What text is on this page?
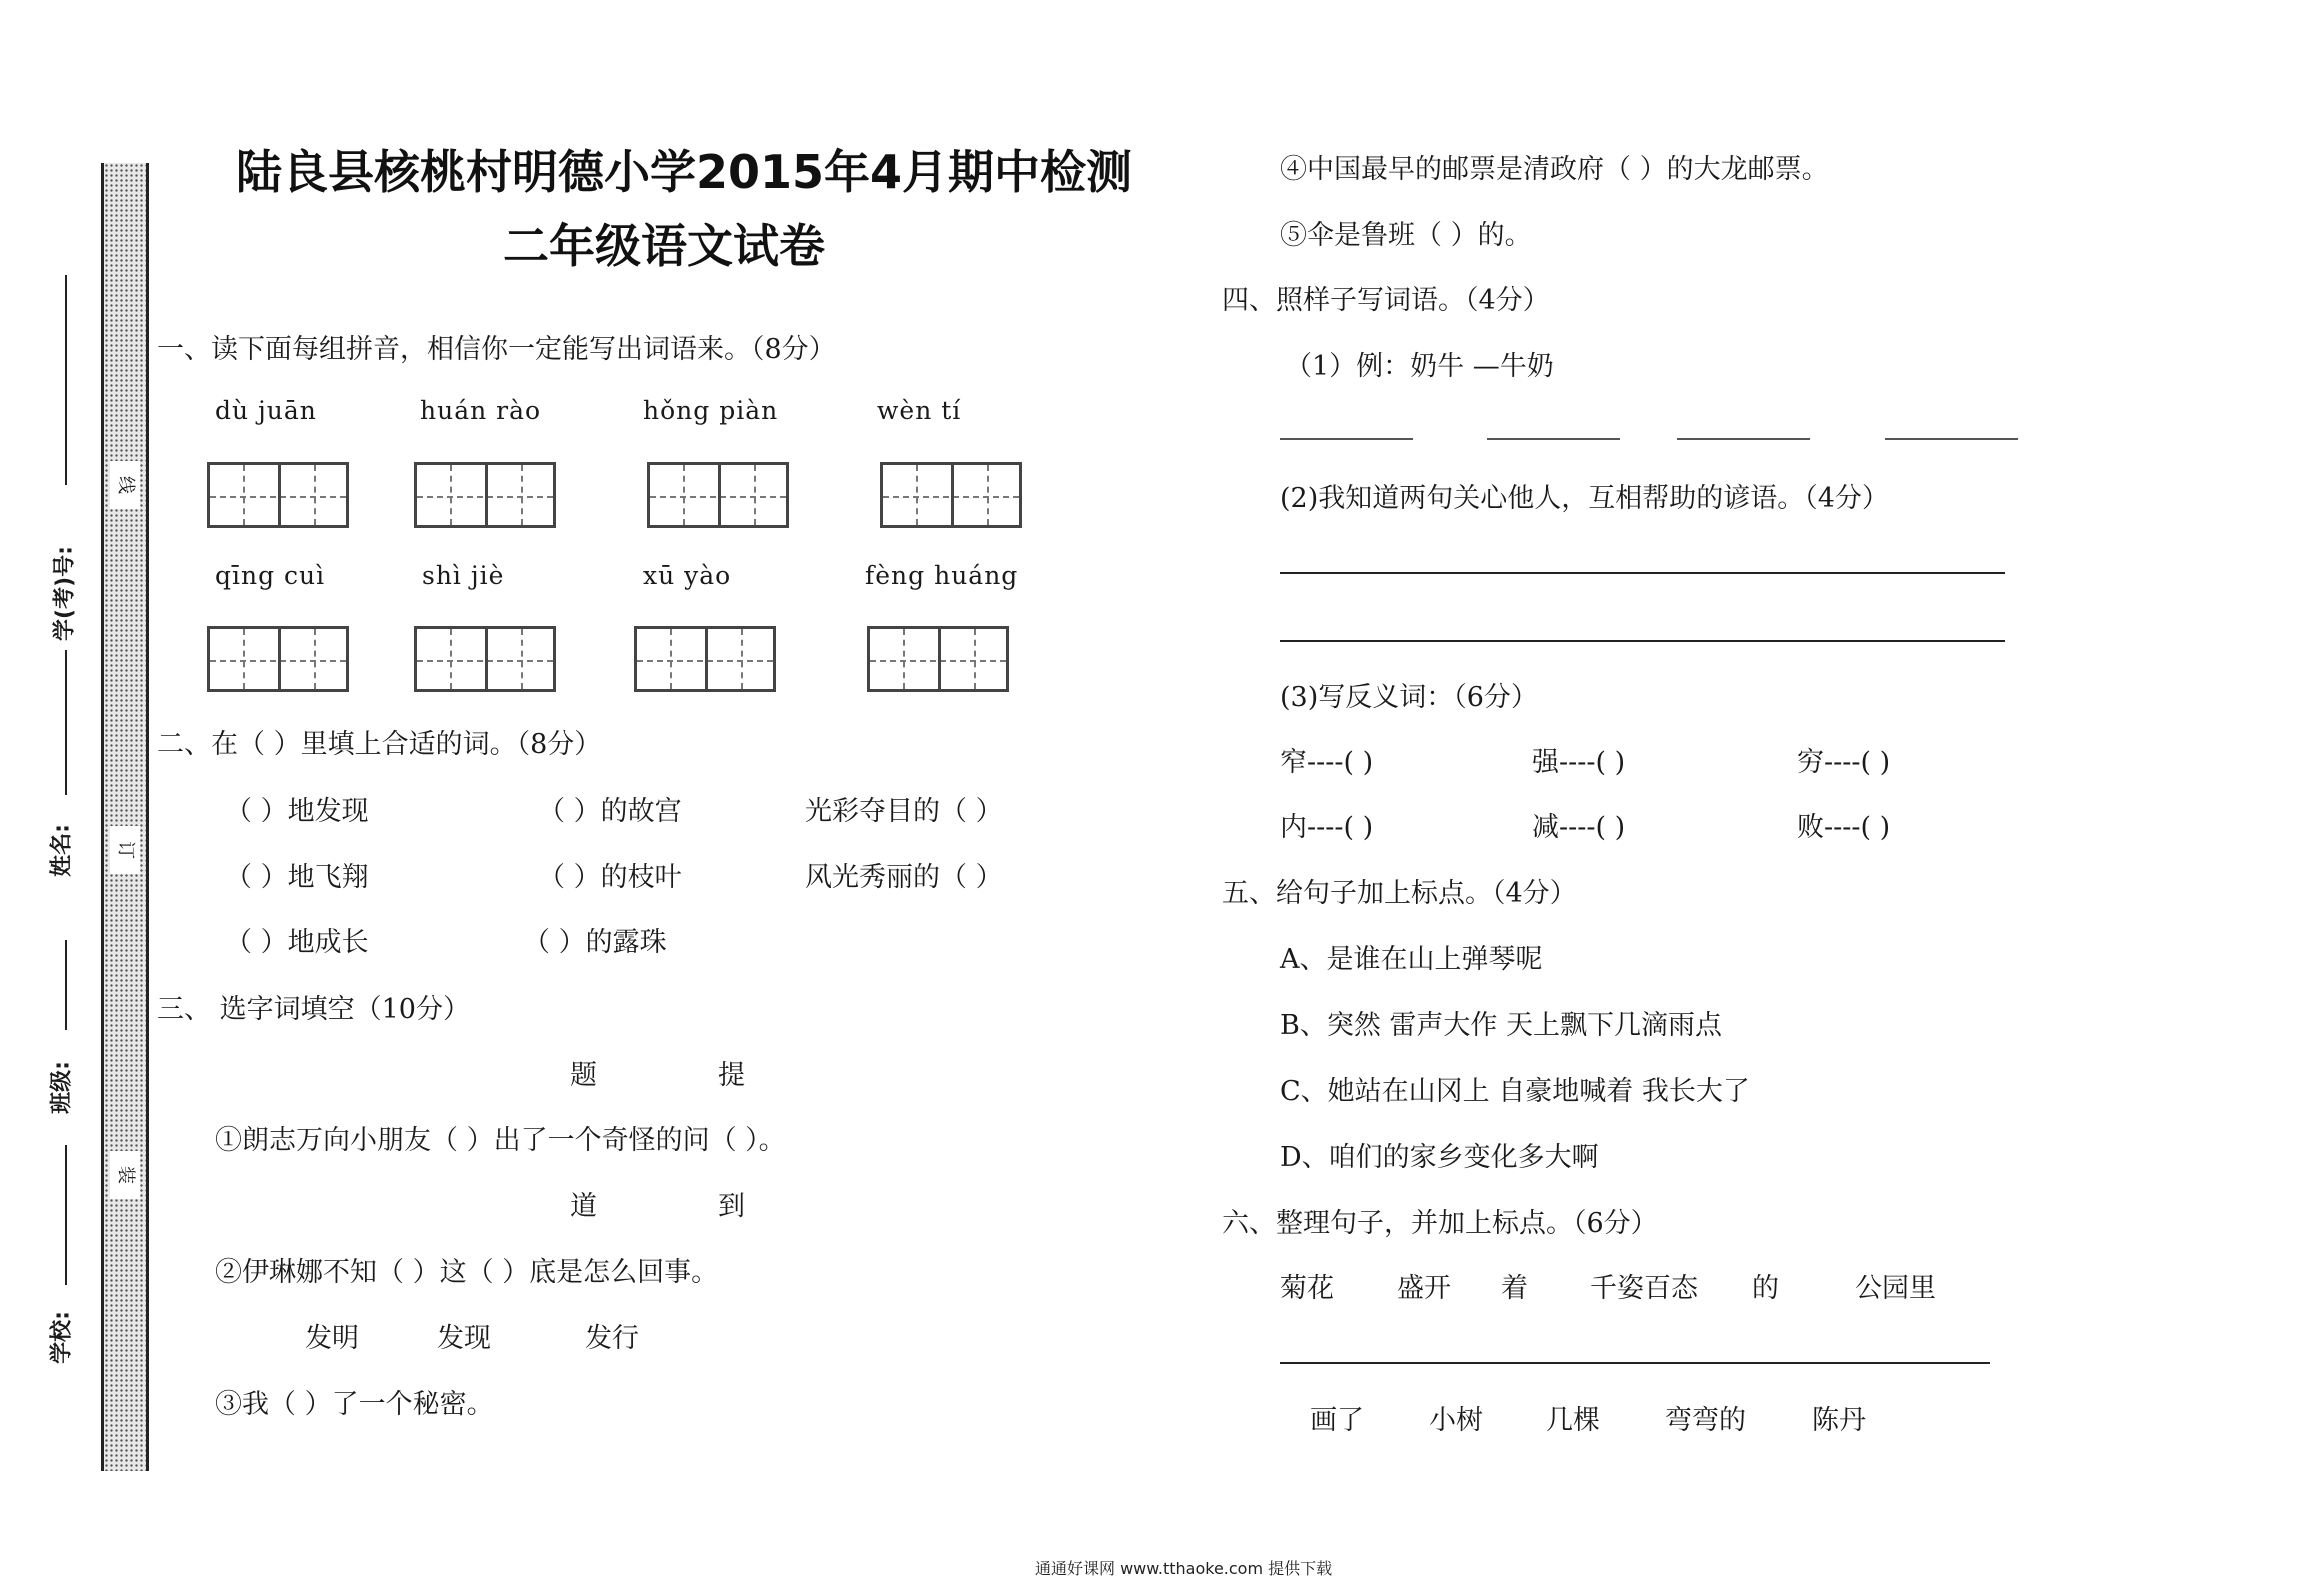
线
订
装
学(考)号:
姓名:
班级:
学校:
陆良县核桃村明德小学2015年4月期中检测
二年级语文试卷
一、读下面每组拼音，相信你一定能写出词语来。（8分）
dù juān	huán rào	hǒng piàn	wèn tí
qīng cuì	shì jiè	xū yào	fèng huáng
二、在（ ）里填上合适的词。（8分）
（ ）地发现	（ ）的故宫	光彩夺目的（ ）
（ ）地飞翔	（ ）的枝叶	风光秀丽的（ ）
（ ）地成长	（ ）的露珠
三、 选字词填空（10分）
题	提
①朗志万向小朋友（ ）出了一个奇怪的问（ ）。
道	到
②伊琳娜不知（ ）这（ ）底是怎么回事。
发明	发现	发行
③我（ ）了一个秘密。
④中国最早的邮票是清政府（ ）的大龙邮票。
⑤伞是鲁班（ ）的。
四、照样子写词语。（4分）
（1）例：奶牛 —牛奶
(2)我知道两句关心他人，互相帮助的谚语。（4分）
(3)写反义词：（6分）
窄----( )	强----( )	穷----( )
内----( )	减----( )	败----( )
五、给句子加上标点。（4分）
A、是谁在山上弹琴呢
B、突然 雷声大作 天上飘下几滴雨点
C、她站在山冈上 自豪地喊着 我长大了
D、咱们的家乡变化多大啊
六、整理句子，并加上标点。（6分）
菊花 盛开 着 千姿百态 的	公园里
画了 小树 几棵 弯弯的 陈丹
通通好课网 www.tthaoke.com 提供下载
